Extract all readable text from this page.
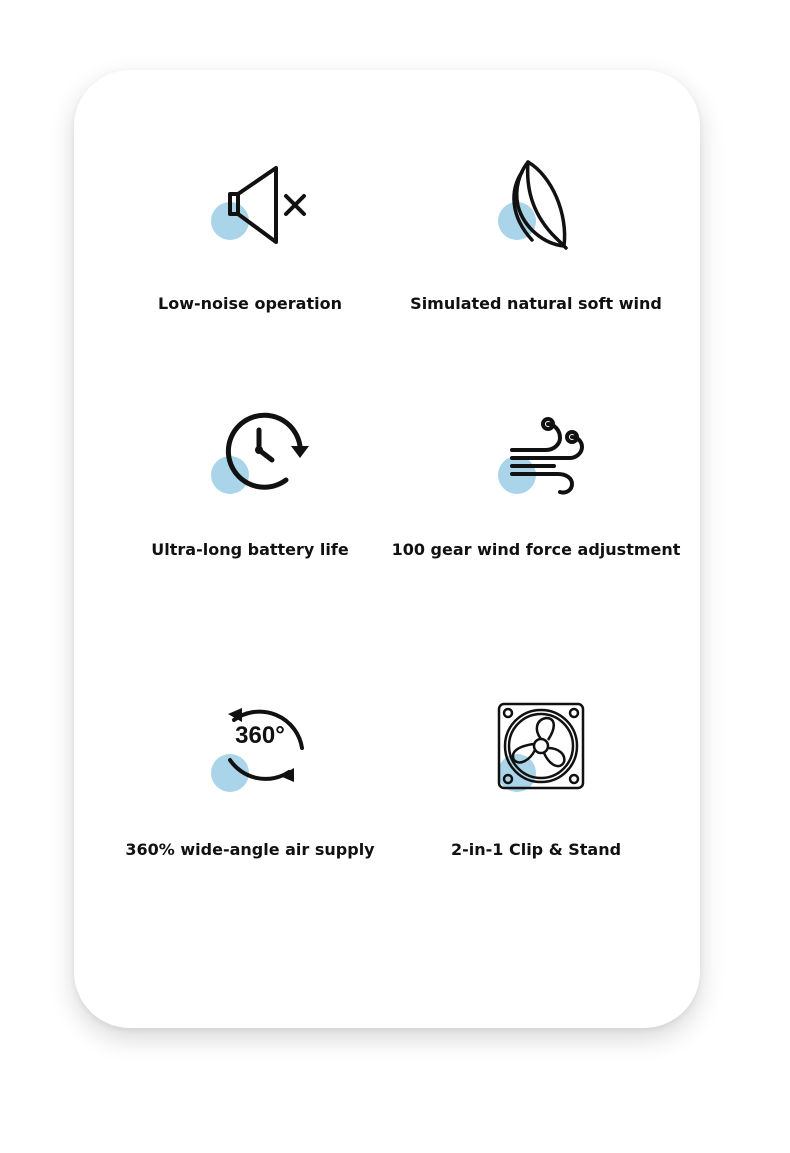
Low-noise operation	Simulated natural soft wind
Ultra-long battery life	100 gear wind force adjustment
360°
360% wide-angle air supply	2-in-1 Clip & Stand
